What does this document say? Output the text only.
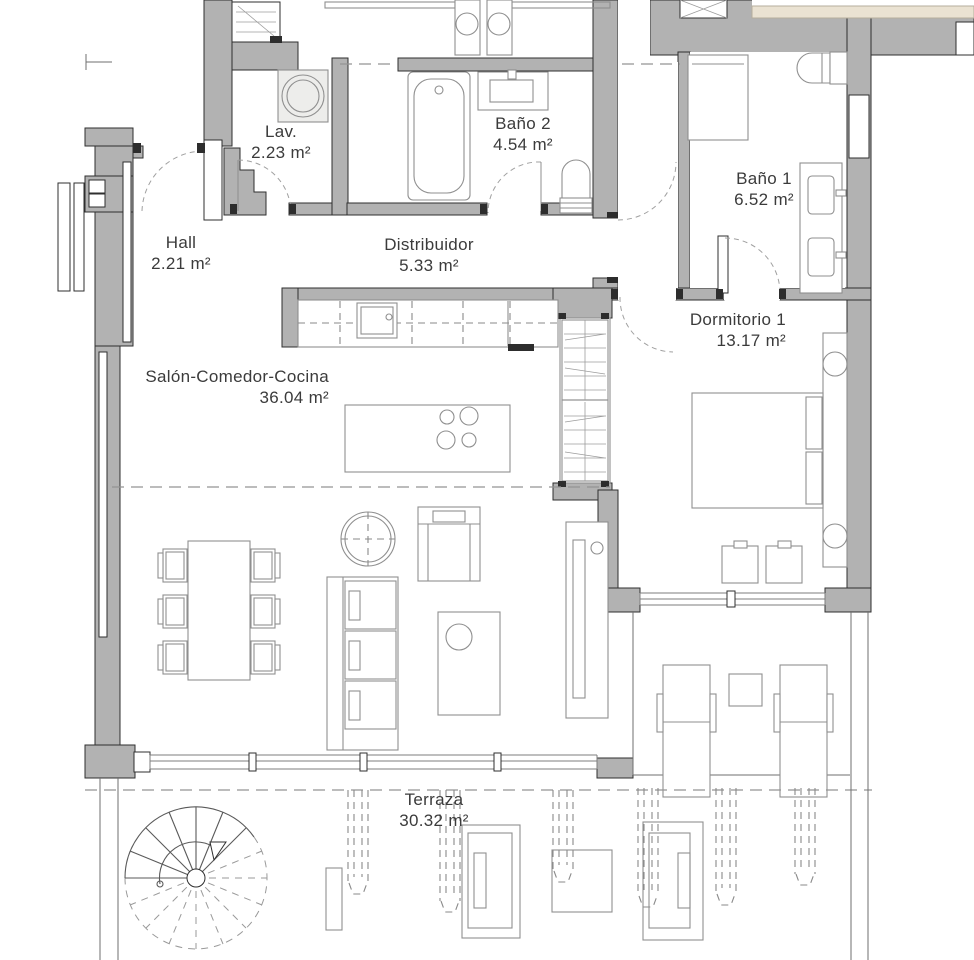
Hall
2.21 m²
Lav.
2.23 m²
Baño 2
4.54 m²
Distribuidor
5.33 m²
Baño 1
6.52 m²
Salón-Comedor-Cocina
36.04 m²
Dormitorio 1
13.17 m²
Terraza
30.32 m²
